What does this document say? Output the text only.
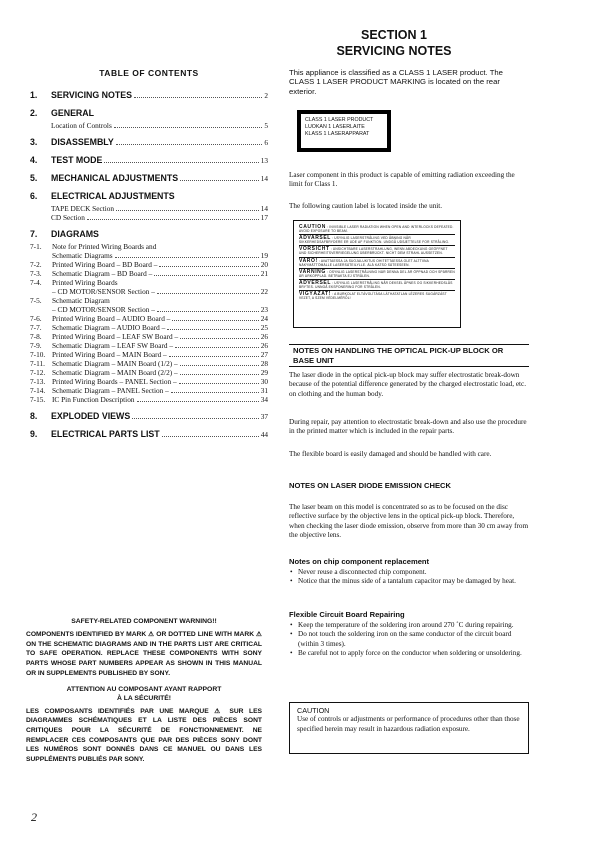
SECTION 1
SERVICING NOTES
TABLE OF CONTENTS
1.	SERVICING NOTES	2
2.	GENERAL
Location of Controls	5
3.	DISASSEMBLY	6
4.	TEST MODE	13
5.	MECHANICAL ADJUSTMENTS	14
6.	ELECTRICAL ADJUSTMENTS
TAPE DECK Section	14
CD Section	17
7.	DIAGRAMS
7-1.	Note for Printed Wiring Boards and
Schematic Diagrams	19
7-2.	Printed Wiring Board – BD Board –	20
7-3.	Schematic Diagram – BD Board –	21
7-4.	Printed Wiring Boards
– CD MOTOR/SENSOR Section –	22
7-5.	Schematic Diagram
– CD MOTOR/SENSOR Section –	23
7-6.	Printed Wiring Board – AUDIO Board –	24
7-7.	Schematic Diagram – AUDIO Board –	25
7-8.	Printed Wiring Board – LEAF SW Board –	26
7-9.	Schematic Diagram – LEAF SW Board –	26
7-10. Printed Wiring Board – MAIN Board –	27
7-11. Schematic Diagram – MAIN Board (1/2) –	28
7-12. Schematic Diagram – MAIN Board (2/2) –	29
7-13. Printed Wiring Boards – PANEL Section –	30
7-14. Schematic Diagram – PANEL Section –	31
7-15. IC Pin Function Description	34
8.	EXPLODED VIEWS	37
9.	ELECTRICAL PARTS LIST	44
SAFETY-RELATED COMPONENT WARNING!!
COMPONENTS IDENTIFIED BY MARK ⚠ OR DOTTED LINE WITH MARK ⚠ ON THE SCHEMATIC DIAGRAMS AND IN THE PARTS LIST ARE CRITICAL TO SAFE OPERATION. REPLACE THESE COMPONENTS WITH SONY PARTS WHOSE PART NUMBERS APPEAR AS SHOWN IN THIS MANUAL OR IN SUPPLEMENTS PUBLISHED BY SONY.
ATTENTION AU COMPOSANT AYANT RAPPORT
À LA SÉCURITÉ!
LES COMPOSANTS IDENTIFIÉS PAR UNE MARQUE ⚠ SUR LES DIAGRAMMES SCHÉMATIQUES ET LA LISTE DES PIÈCES SONT CRITIQUES POUR LA SÉCURITÉ DE FONCTIONNEMENT. NE REMPLACER CES COMPOSANTS QUE PAR DES PIÈCES SONY DONT LES NUMÉROS SONT DONNÉS DANS CE MANUEL OU DANS LES SUPPLÉMENTS PUBLIÉS PAR SONY.
2
This appliance is classified as a CLASS 1 LASER product. The CLASS 1 LASER PRODUCT MARKING is located on the rear exterior.
CLASS 1 LASER PRODUCT
LUOKAN 1 LASERLAITE
KLASS 1 LASERAPPARAT
Laser component in this product is capable of emitting radiation exceeding the limit for Class 1.
The following caution label is located inside the unit.
CAUTION : INVISIBLE LASER RADIATION WHEN OPEN AND INTERLOCKS DEFEATED. AVOID EXPOSURE TO BEAM.
ADVARSEL : USYNLIG LASERSTRÅLING VED ÅBNING NÅR SIKKERHEDSAFBRYDERE ER UDE AF FUNKTION. UNDGÅ UDSÆTTELSE FOR STRÅLING.
VORSICHT : UNSICHTBARE LASERSTRAHLUNG, WENN ABDECKUNG GEÖFFNET UND SICHERHEITSVERRIEGELUNG ÜBERBRÜCKT. NICHT DEM STRAHL AUSSETZEN.
VARO! : AVATTAESSA JA SUOJALUKITUS OHITETTAESSA OLET ALTTIINA NÄKYMÄTTÖMÄLLE LASERSÄTEILYLLE. ÄLÄ KATSO SÄTEESEEN.
VARNING : OSYNLIG LASERSTRÅLNING NÄR DENNA DEL ÄR ÖPPNAD OCH SPÄRREN ÄR URKOPPLAD. BETRAKTA EJ STRÅLEN.
ADVERSEL : USYNLIG LASERSTRÅLING NÅR DEKSEL ÅPNES OG SIKKERHEDSLÅS BRYTES. UNNGÅ EKSPONERING FOR STRÅLEN.
VIGYÁZAT! : A BURKOLAT ELTÁVOLÍTÁSA LÁTHATATLAN LÉZERES SUGÁRZÁST VEZET, A SZEM VÉDELMÉRŐL!
NOTES ON HANDLING THE OPTICAL PICK-UP BLOCK OR BASE UNIT
The laser diode in the optical pick-up block may suffer electrostatic break-down because of the potential difference generated by the charged electrostatic load, etc. on clothing and the human body.
During repair, pay attention to electrostatic break-down and also use the procedure in the printed matter which is included in the repair parts.
The flexible board is easily damaged and should be handled with care.
NOTES ON LASER DIODE EMISSION CHECK
The laser beam on this model is concentrated so as to be focused on the disc reflective surface by the objective lens in the optical pick-up block. Therefore, when checking the laser diode emission, observe from more than 30 cm away from the objective lens.
Notes on chip component replacement
• Never reuse a disconnected chip component.
• Notice that the minus side of a tantalum capacitor may be damaged by heat.
Flexible Circuit Board Repairing
• Keep the temperature of the soldering iron around 270 ˚C during repairing.
• Do not touch the soldering iron on the same conductor of the circuit board (within 3 times).
• Be careful not to apply force on the conductor when soldering or unsoldering.
CAUTION
Use of controls or adjustments or performance of procedures other than those specified herein may result in hazardous radiation exposure.
